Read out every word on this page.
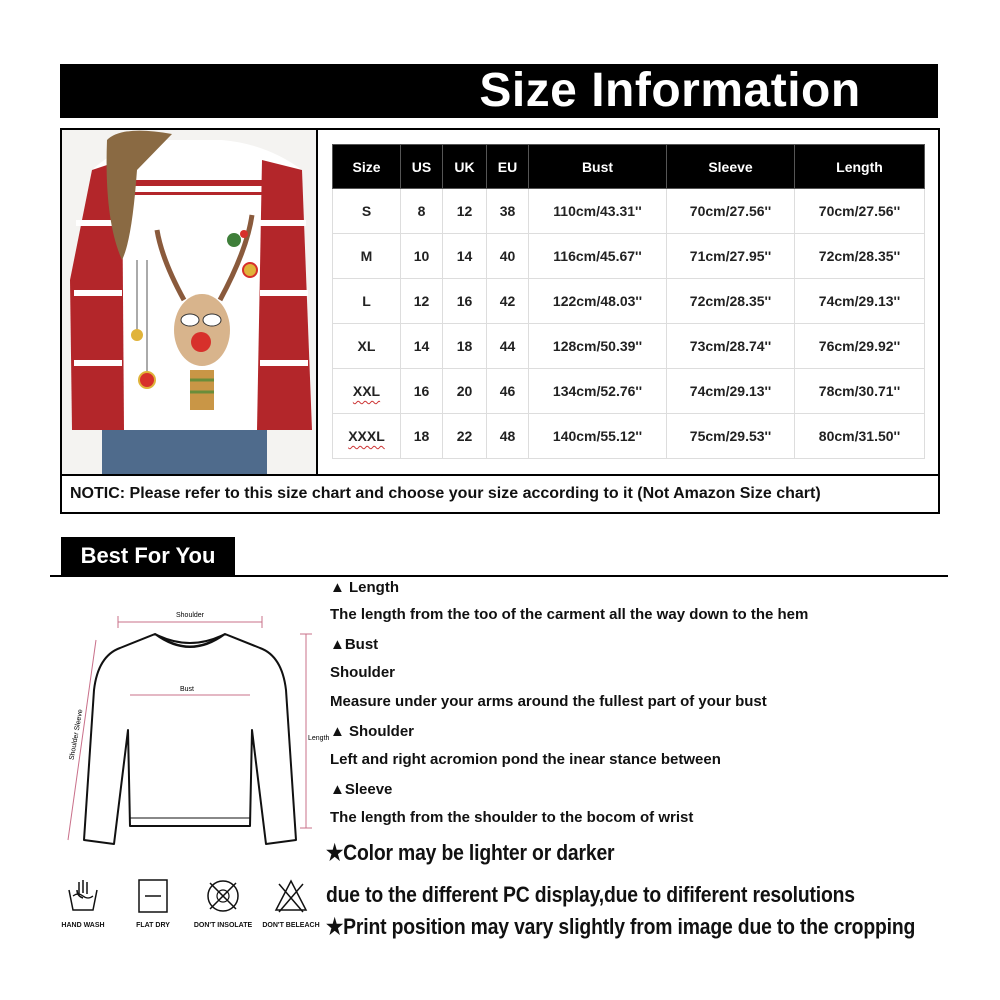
Size Information
Size	US	UK	EU	Bust	Sleeve	Length
S	8	12	38	110cm/43.31''	70cm/27.56''	70cm/27.56''
M	10	14	40	116cm/45.67''	71cm/27.95''	72cm/28.35''
L	12	16	42	122cm/48.03''	72cm/28.35''	74cm/29.13''
XL	14	18	44	128cm/50.39''	73cm/28.74''	76cm/29.92''
XXL	16	20	46	134cm/52.76''	74cm/29.13''	78cm/30.71''
XXXL	18	22	48	140cm/55.12''	75cm/29.53''	80cm/31.50''
NOTIC: Please refer to this size chart and choose your size according to it (Not Amazon Size chart)
Best For You
Shoulder
Bust
Length
Shoulder Sleeve
HAND WASH	FLAT DRY	DON'T INSOLATE	DON'T BELEACH
▲ Length
The length from the too of the carment all the way down to the hem
▲Bust
Shoulder
Measure under your arms around the fullest part of your bust
▲ Shoulder
Left and right acromion pond the inear stance between
▲Sleeve
The length from the shoulder to the bocom of wrist
★Color may be lighter or darker
due to the different PC display,due to dififerent resolutions
★Print position may vary slightly from image due to the cropping
